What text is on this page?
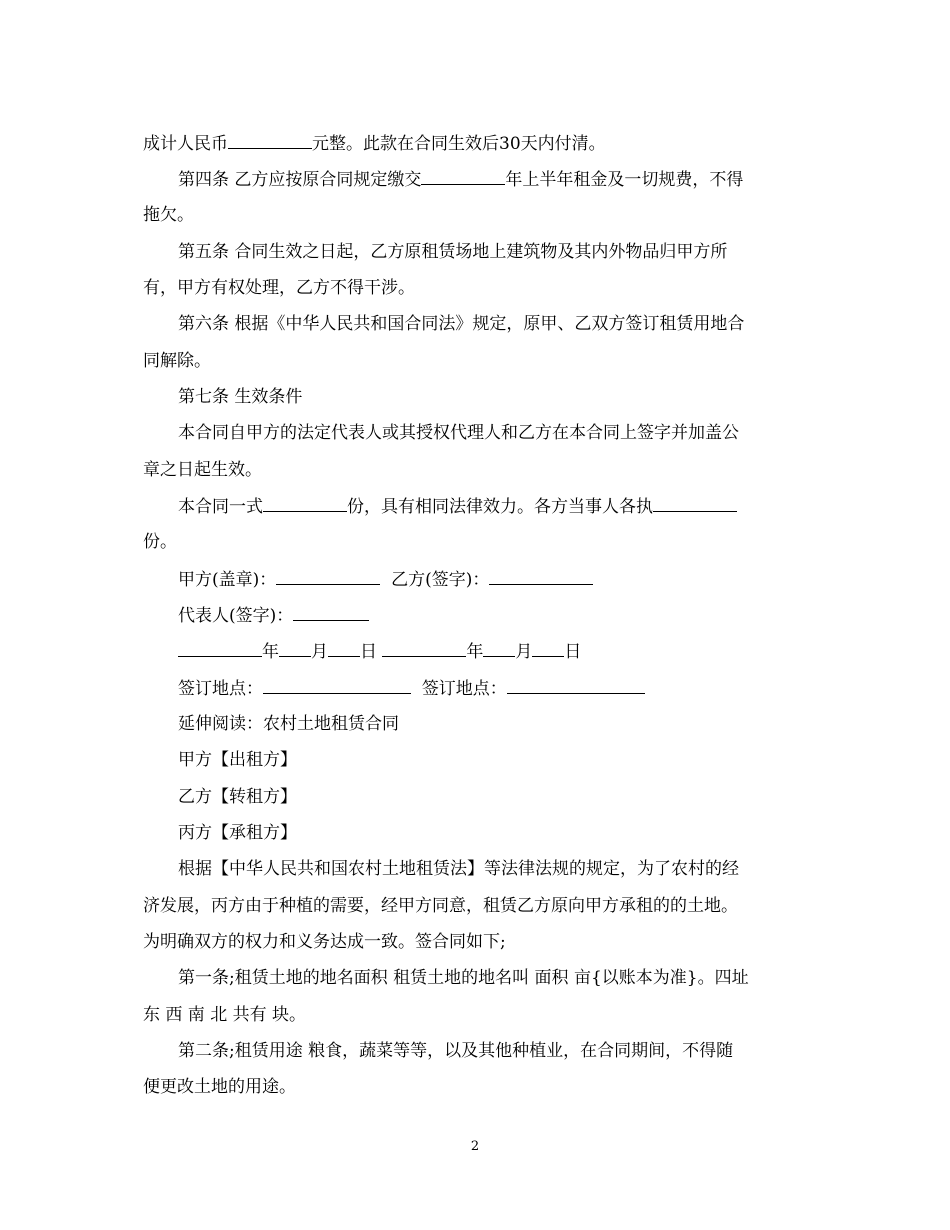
成计人民币	元整。此款在合同生效后30天内付清。
第四条 乙方应按原合同规定缴交	年上半年租金及一切规费，不得
拖欠。
第五条 合同生效之日起，乙方原租赁场地上建筑物及其内外物品归甲方所
有，甲方有权处理，乙方不得干涉。
第六条 根据《中华人民共和国合同法》规定，原甲、乙双方签订租赁用地合
同解除。
第七条 生效条件
本合同自甲方的法定代表人或其授权代理人和乙方在本合同上签字并加盖公
章之日起生效。
本合同一式	份，具有相同法律效力。各方当事人各执
份。
甲方(盖章)：	乙方(签字)：
代表人(签字)：
年 月 日	年 月 日
签订地点：	签订地点：
延伸阅读：农村土地租赁合同
甲方【出租方】
乙方【转租方】
丙方【承租方】
根据【中华人民共和国农村土地租赁法】等法律法规的规定，为了农村的经
济发展，丙方由于种植的需要，经甲方同意，租赁乙方原向甲方承租的的土地。
为明确双方的权力和义务达成一致。签合同如下;
第一条;租赁土地的地名面积 租赁土地的地名叫 面积 亩{以账本为准}。四址
东 西 南 北 共有 块。
第二条;租赁用途 粮食，蔬菜等等，以及其他种植业，在合同期间，不得随
便更改土地的用途。
2
